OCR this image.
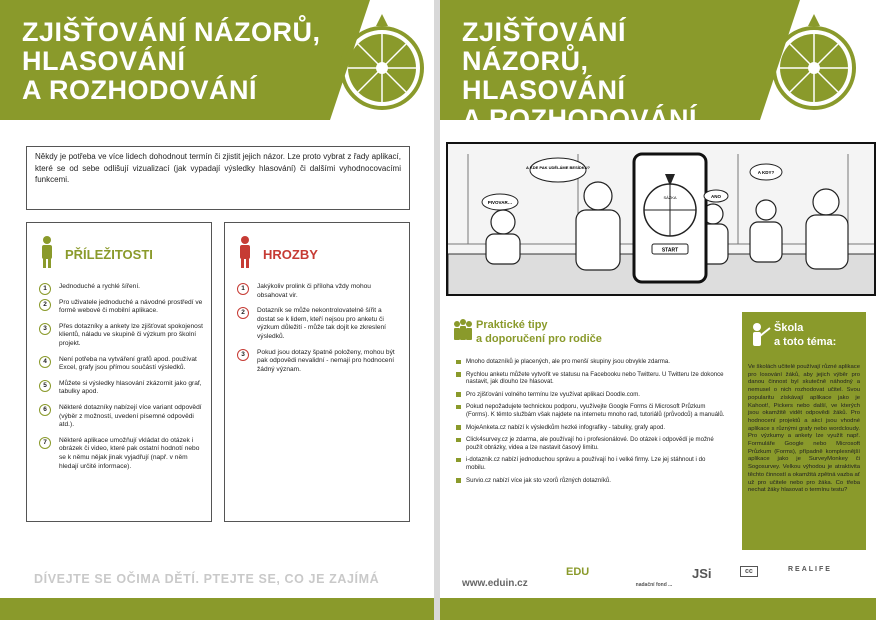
ZJIŠŤOVÁNÍ NÁZORŮ,
HLASOVÁNÍ
A ROZHODOVÁNÍ
Někdy je potřeba ve více lidech dohodnout termín či zjistit jejich názor. Lze proto vybrat z řady aplikací, které se od sebe odlišují vizualizací (jak vypadají výsledky hlasování) či dalšími vyhodnocovacími funkcemi.
PŘÍLEŽITOSTI
1	Jednoduché a rychlé šíření.
2	Pro uživatele jednoduché a návodné prostředí ve formě webové či mobilní aplikace.
3	Přes dotazníky a ankety lze zjišťovat spokojenost klientů, náladu ve skupině či výzkum pro školní projekt.
4	Není potřeba na vytváření grafů apod. používat Excel, grafy jsou přímou součástí výsledků.
5	Můžete si výsledky hlasování zkázornit jako graf, tabulky apod.
6	Některé dotazníky nabízejí více variant odpovědí (výběr z možností, uvedení písemné odpovědi atd.).
7	Některé aplikace umožňují vkládat do otázek i obrázek či video, které pak ostatní hodnotí nebo se k němu nějak jinak vyjadřují (např. v něm hledají určité informace).
HROZBY
1	Jakýkoliv prolink či příloha vždy mohou obsahovat vir.
2	Dotazník se může nekontrolovatelně šířit a dostat se k lidem, kteří nejsou pro anketu či výzkum důležití - může tak dojít ke zkreslení výsledků.
3	Pokud jsou dotazy špatně položeny, mohou být pak odpovědi nevalidní - nemají pro hodnocení žádný význam.
DÍVEJTE SE OČIMA DĚTÍ. PTEJTE SE, CO JE ZAJÍMÁ
ZJIŠŤOVÁNÍ NÁZORŮ,
HLASOVÁNÍ
A ROZHODOVÁNÍ
START
SÁZKA
A KDE PAK UDĚLÁME BESÍDKU?
PIVOVAR…
A KDY?
ANO
Praktické tipy
a doporučení pro rodiče
Mnoho dotazníků je placených, ale pro menší skupiny jsou obvykle zdarma.
Rychlou anketu můžete vytvořit ve statusu na Facebooku nebo Twitteru. U Twitteru lze dokonce nastavit, jak dlouho lze hlasovat.
Pro zjišťování volného termínu lze využívat aplikaci Doodle.com.
Pokud nepožadujete technickou podporu, využívejte Google Forms či Microsoft Průzkum (Forms). K těmto službám však najdete na internetu mnoho rad, tutoriálů (průvodců) a manuálů.
MojeAnketa.cz nabízí k výsledkům hezké infografiky - tabulky, grafy apod.
Click4survey.cz je zdarma, ale používají ho i profesionálové. Do otázek i odpovědí je možné použít obrázky, videa a lze nastavit časový limitu.
i-dotaznik.cz nabízí jednoduchou správu a používají ho i velké firmy. Lze jej stáhnout i do mobilu.
Survio.cz nabízí více jak sto vzorů různých dotazníků.
Škola
a toto téma:
Ve školách učitelé používají různé aplikace pro losování žáků, aby jejich výběr pro danou činnost byl skutečně náhodný a nemusel o nich rozhodovat učitel. Svou popularitu získávají aplikace jako je Kahoot!, Pickers nebo další, ve kterých jsou okamžitě vidět odpovědi žáků. Pro hodnocení projektů a akcí jsou vhodné aplikace s různými grafy nebo wordcloudy. Pro výzkumy a ankety lze využít např. Formuláře Google nebo Microsoft Průzkum (Forms), případně komplexnější aplikace jako je SurveyMonkey či Sogosurvey. Velkou výhodou je atraktivita těchto činností a okamžitá zpětná vazba ať už pro učitele nebo pro žáka. Co třeba nechat žáky hlasovat o termínu testu?
www.eduin.cz
EDU
nadační fond ...
JSi	cc	REALIFE
